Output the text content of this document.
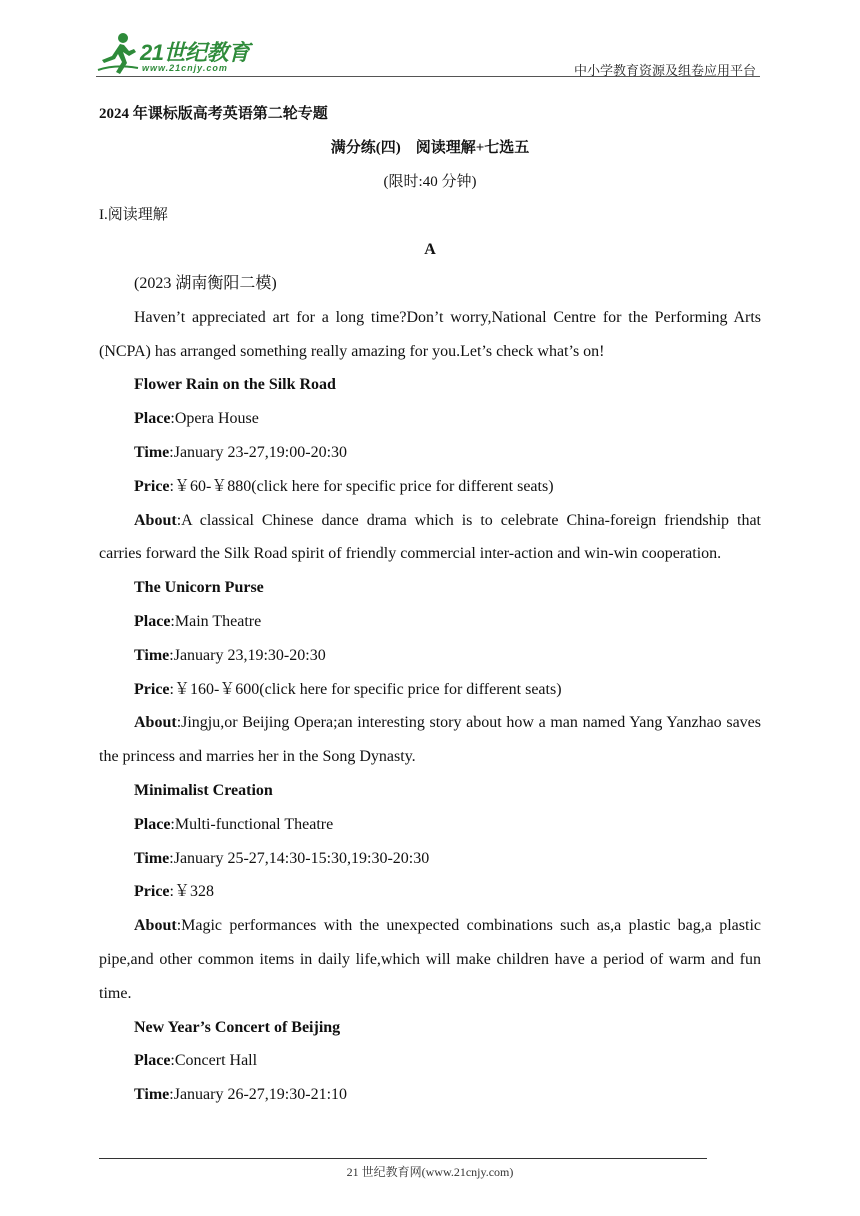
21世纪教育
www.21cnjy.com	中小学教育资源及组卷应用平台

2024 年课标版高考英语第二轮专题

满分练(四)　阅读理解+七选五

(限时:40 分钟)

I.阅读理解

A

(2023 湖南衡阳二模)

Haven’t appreciated art for a long time?Don’t worry,National Centre for the Performing Arts (NCPA) has arranged something really amazing for you.Let’s check what’s on!

Flower Rain on the Silk Road

Place:Opera House

Time:January 23-27,19:00-20:30

Price:￥60-￥880(click here for specific price for different seats)

About:A classical Chinese dance drama which is to celebrate China-foreign friendship that carries forward the Silk Road spirit of friendly commercial inter-action and win-win cooperation.

The Unicorn Purse

Place:Main Theatre

Time:January 23,19:30-20:30

Price:￥160-￥600(click here for specific price for different seats)

About:Jingju,or Beijing Opera;an interesting story about how a man named Yang Yanzhao saves the princess and marries her in the Song Dynasty.

Minimalist Creation

Place:Multi-functional Theatre

Time:January 25-27,14:30-15:30,19:30-20:30

Price:￥328

About:Magic performances with the unexpected combinations such as,a plastic bag,a plastic pipe,and other common items in daily life,which will make children have a period of warm and fun time.

New Year’s Concert of Beijing

Place:Concert Hall

Time:January 26-27,19:30-21:10

21 世纪教育网(www.21cnjy.com)
